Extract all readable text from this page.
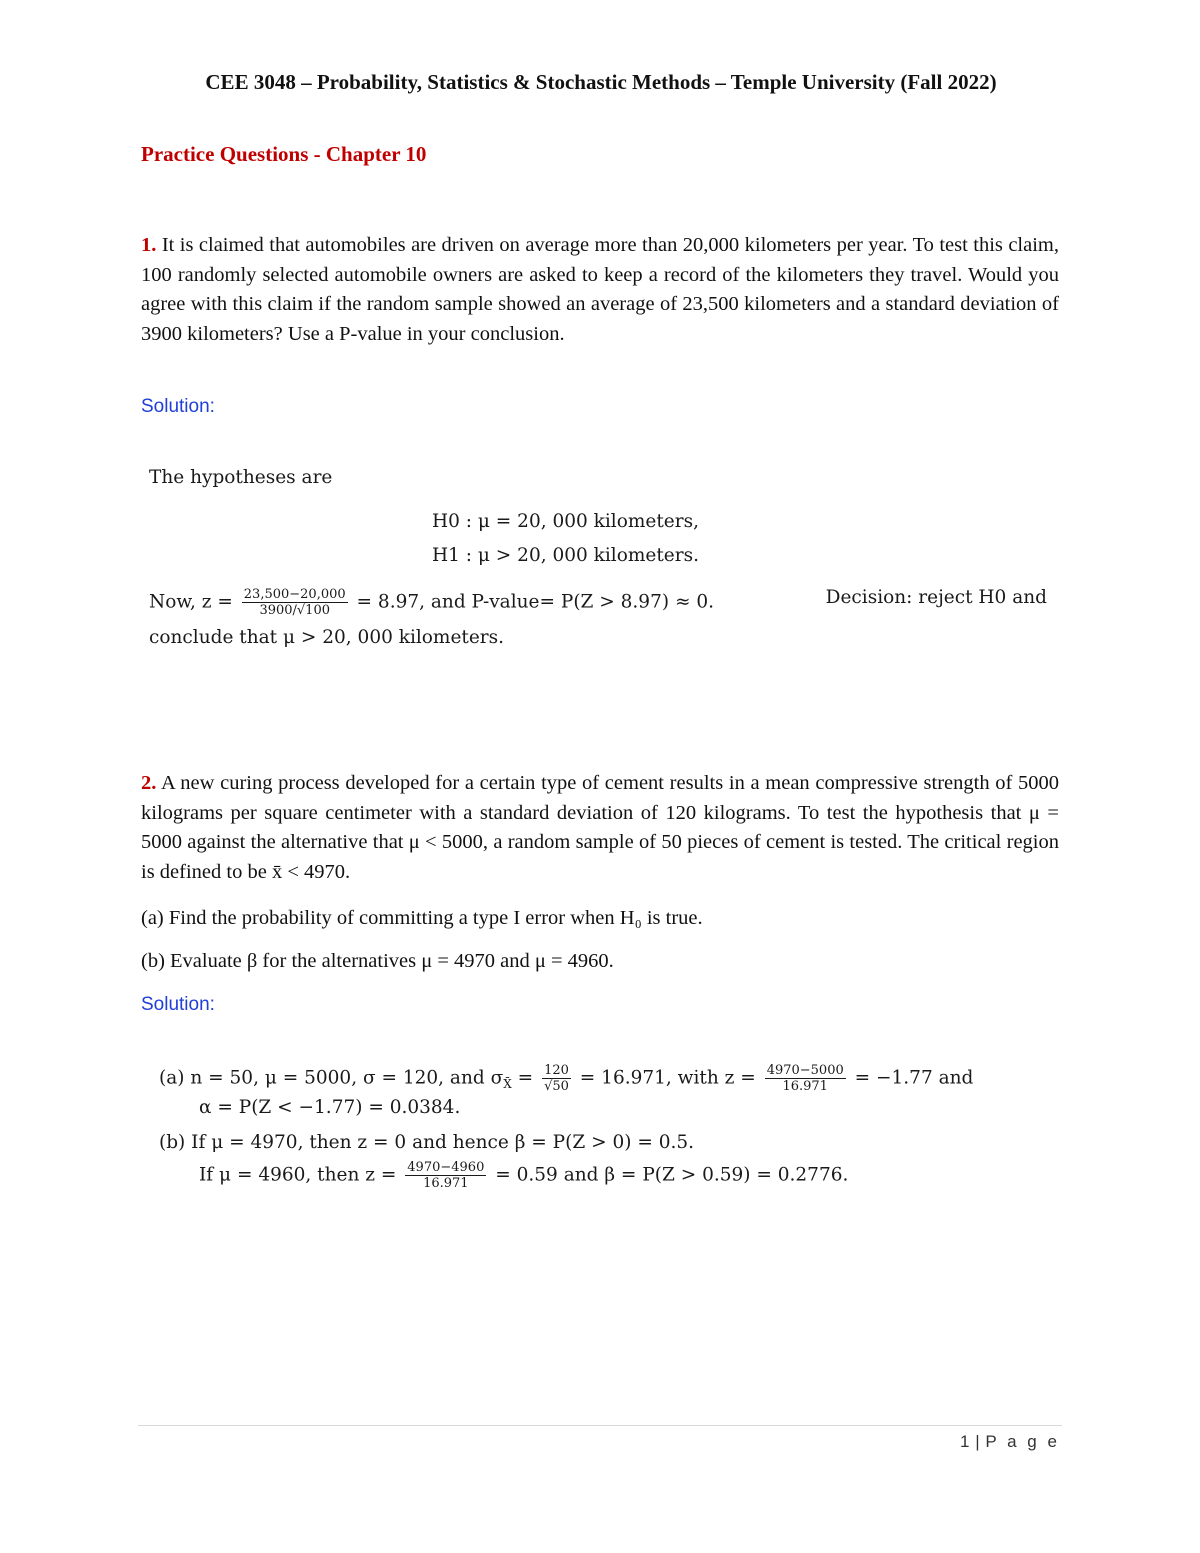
CEE 3048 – Probability, Statistics & Stochastic Methods – Temple University (Fall 2022)
Practice Questions - Chapter 10
1. It is claimed that automobiles are driven on average more than 20,000 kilometers per year. To test this claim, 100 randomly selected automobile owners are asked to keep a record of the kilometers they travel. Would you agree with this claim if the random sample showed an average of 23,500 kilometers and a standard deviation of 3900 kilometers? Use a P-value in your conclusion.
Solution:
The hypotheses are
H0 : μ = 20, 000 kilometers,
H1 : μ > 20, 000 kilometers.
Now, $z = \frac{23,500-20,000}{3900/√100} = 8.97$, and P-value= P(Z > 8.97) ≈ 0.	Decision: reject H0 and
conclude that μ > 20, 000 kilometers.
2. A new curing process developed for a certain type of cement results in a mean compressive strength of 5000 kilograms per square centimeter with a standard deviation of 120 kilograms. To test the hypothesis that μ = 5000 against the alternative that μ < 5000, a random sample of 50 pieces of cement is tested. The critical region is defined to be x̄ < 4970.
(a) Find the probability of committing a type I error when H₀ is true.
(b) Evaluate β for the alternatives μ = 4970 and μ = 4960.
Solution:
(a) n = 50, μ = 5000, σ = 120, and $\sigma_{X̄} = \frac{120}{√50} = 16.971$, with $z = \frac{4970-5000}{16.971} = -1.77$ and
α = P(Z < −1.77) = 0.0384.
(b) If μ = 4970, then z = 0 and hence β = P(Z > 0) = 0.5.
If μ = 4960, then $z = \frac{4970-4960}{16.971} = 0.59$ and β = P(Z > 0.59) = 0.2776.
1 | P a g e
